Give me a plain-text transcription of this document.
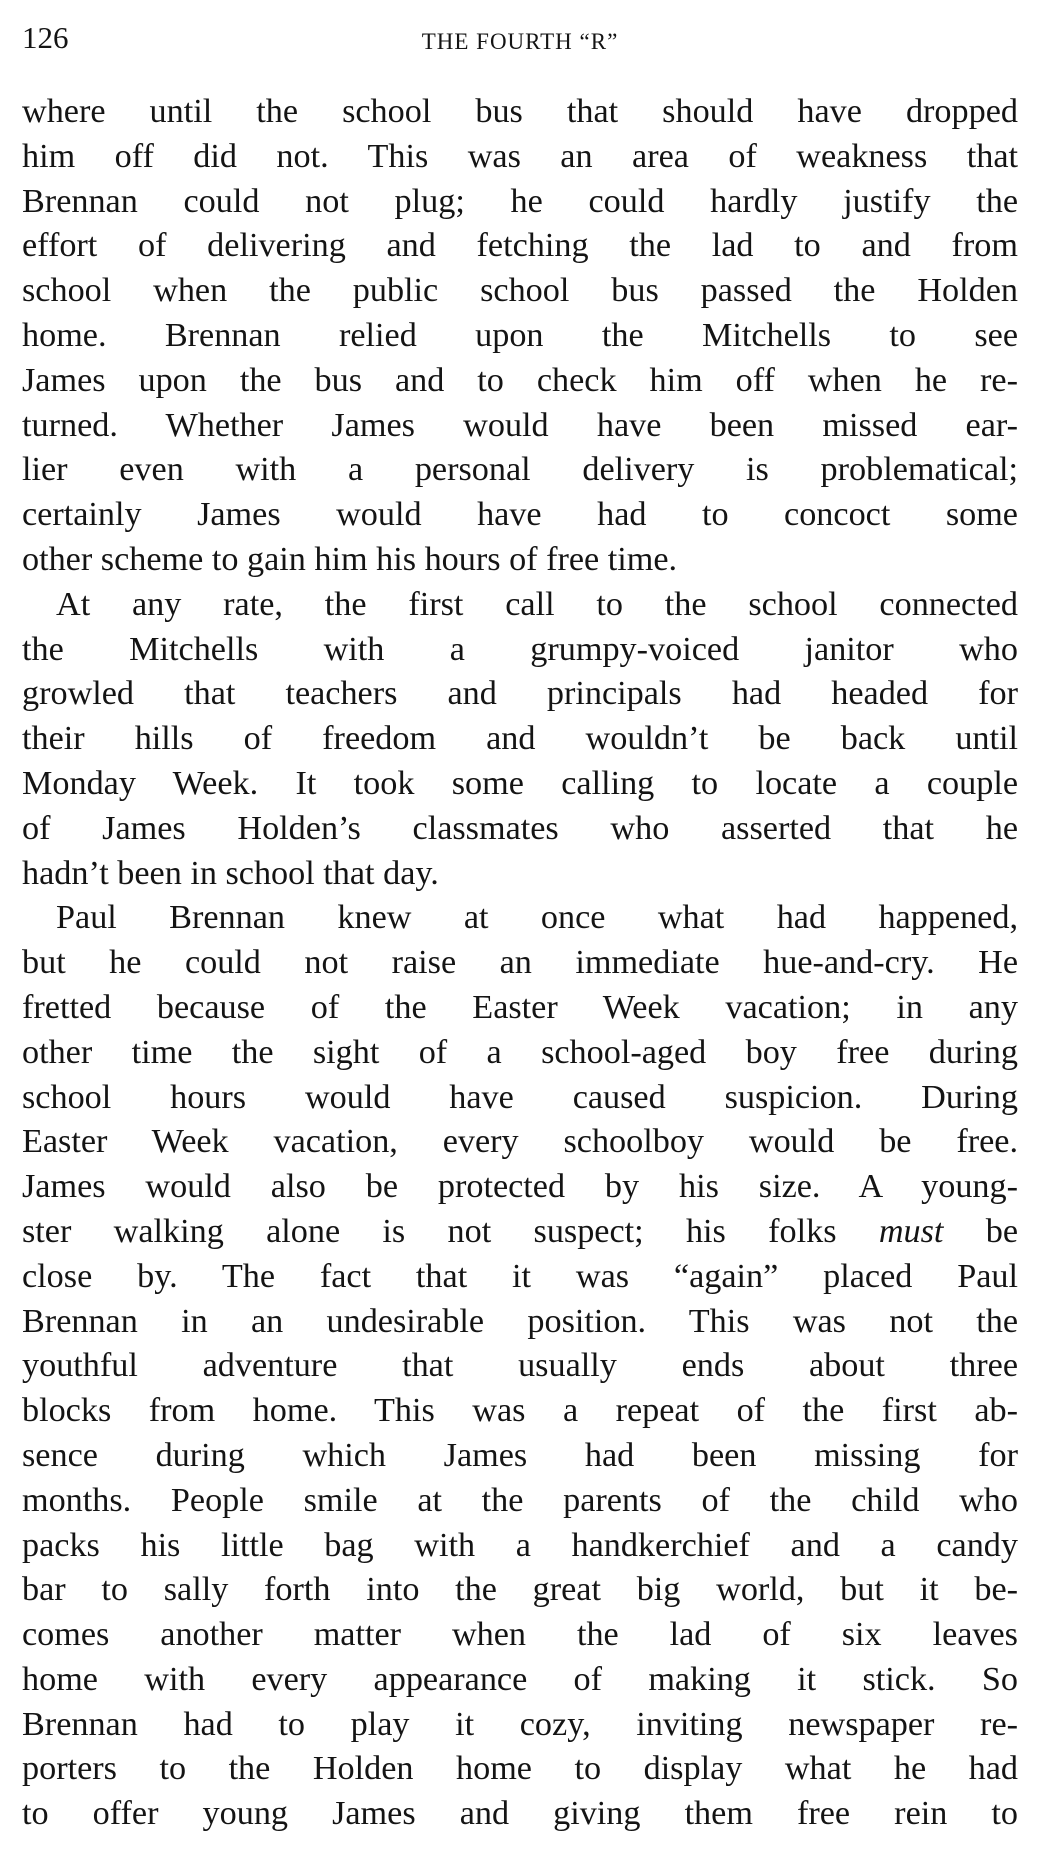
126	THE FOURTH “R”

where until the school bus that should have dropped
him off did not. This was an area of weakness that
Brennan could not plug; he could hardly justify the
effort of delivering and fetching the lad to and from
school when the public school bus passed the Holden
home. Brennan relied upon the Mitchells to see
James upon the bus and to check him off when he re-
turned. Whether James would have been missed ear-
lier even with a personal delivery is problematical;
certainly James would have had to concoct some
other scheme to gain him his hours of free time.

At any rate, the first call to the school connected
the Mitchells with a grumpy-voiced janitor who
growled that teachers and principals had headed for
their hills of freedom and wouldn’t be back until
Monday Week. It took some calling to locate a couple
of James Holden’s classmates who asserted that he
hadn’t been in school that day.

Paul Brennan knew at once what had happened,
but he could not raise an immediate hue-and-cry. He
fretted because of the Easter Week vacation; in any
other time the sight of a school-aged boy free during
school hours would have caused suspicion. During
Easter Week vacation, every schoolboy would be free.
James would also be protected by his size. A young-
ster walking alone is not suspect; his folks must be
close by. The fact that it was “again” placed Paul
Brennan in an undesirable position. This was not the
youthful adventure that usually ends about three
blocks from home. This was a repeat of the first ab-
sence during which James had been missing for
months. People smile at the parents of the child who
packs his little bag with a handkerchief and a candy
bar to sally forth into the great big world, but it be-
comes another matter when the lad of six leaves
home with every appearance of making it stick. So
Brennan had to play it cozy, inviting newspaper re-
porters to the Holden home to display what he had
to offer young James and giving them free rein to
